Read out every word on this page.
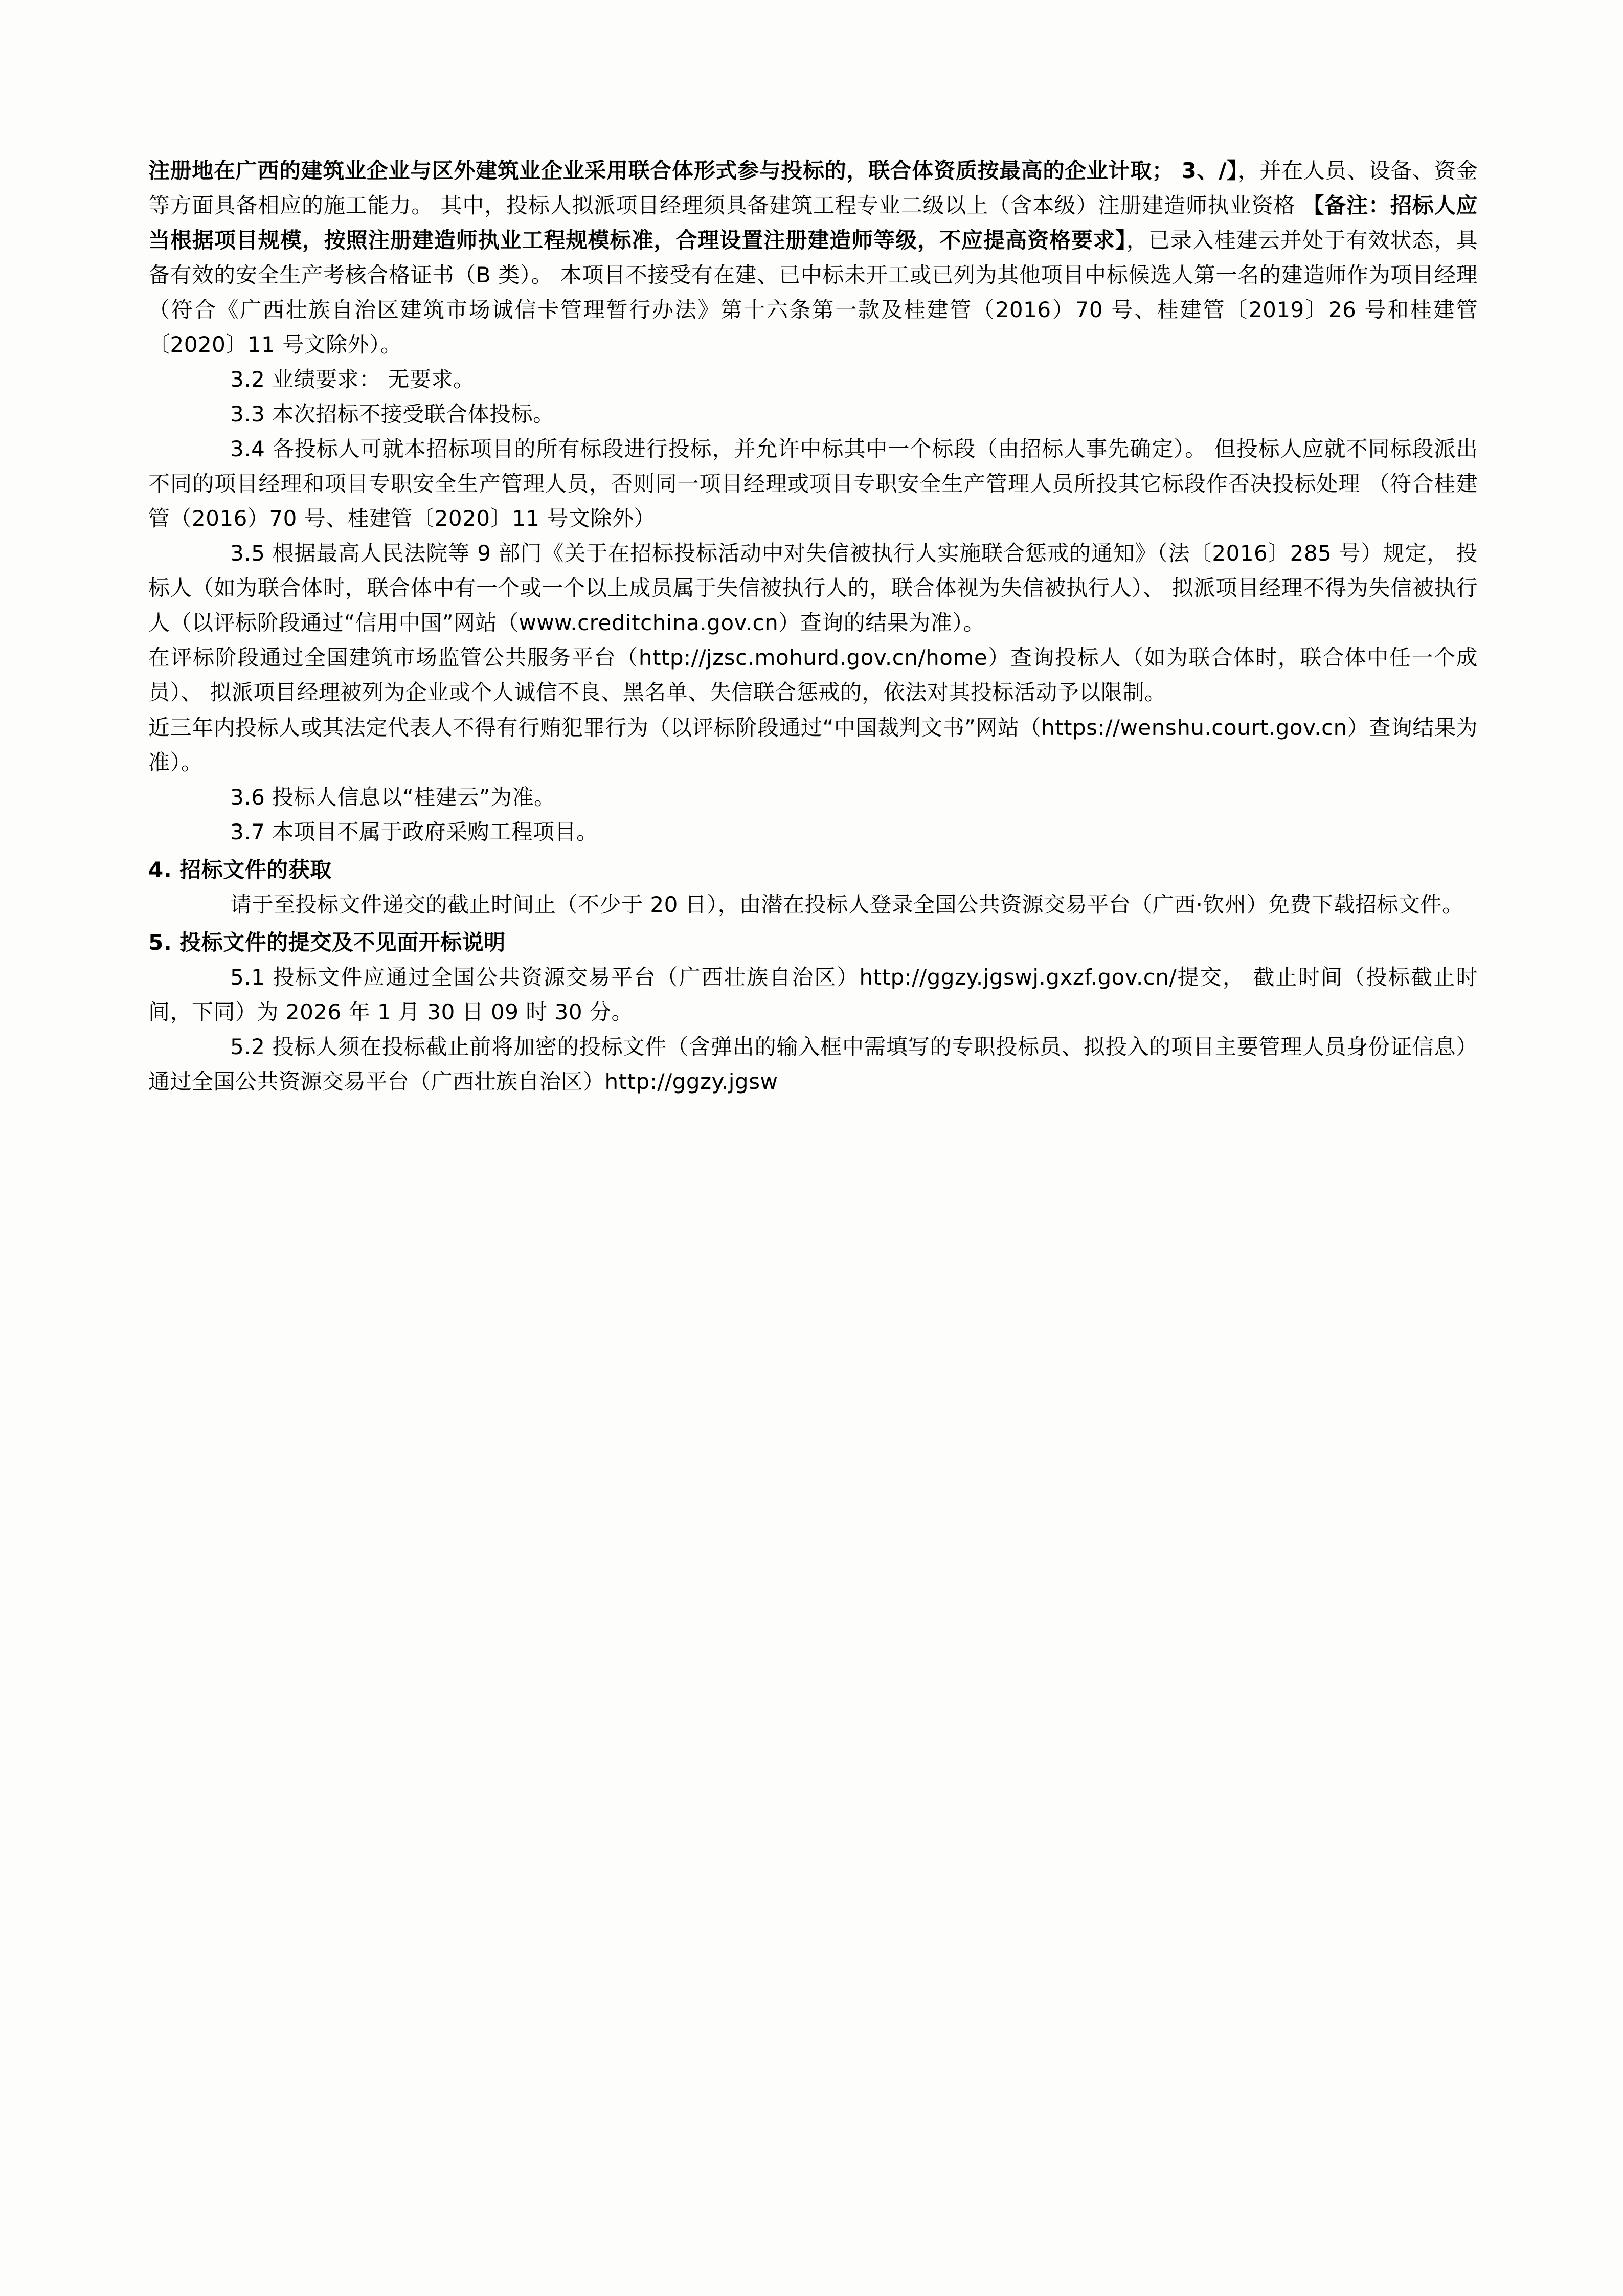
注册地在广西的建筑业企业与区外建筑业企业采用联合体形式参与投标的，联合体资质按最高的企业计取； 3、/】，并在人员、设备、资金等方面具备相应的施工能力。 其中，投标人拟派项目经理须具备建筑工程专业二级以上（含本级）注册建造师执业资格 【备注：招标人应当根据项目规模，按照注册建造师执业工程规模标准，合理设置注册建造师等级，不应提高资格要求】，已录入桂建云并处于有效状态，具备有效的安全生产考核合格证书（B 类）。 本项目不接受有在建、已中标未开工或已列为其他项目中标候选人第一名的建造师作为项目经理（符合《广西壮族自治区建筑市场诚信卡管理暂行办法》第十六条第一款及桂建管（2016）70 号、桂建管〔2019〕26 号和桂建管〔2020〕11 号文除外）。

3.2 业绩要求： 无要求。

3.3 本次招标不接受联合体投标。

3.4 各投标人可就本招标项目的所有标段进行投标，并允许中标其中一个标段（由招标人事先确定）。 但投标人应就不同标段派出不同的项目经理和项目专职安全生产管理人员，否则同一项目经理或项目专职安全生产管理人员所投其它标段作否决投标处理 （符合桂建管（2016）70 号、桂建管〔2020〕11 号文除外）

3.5 根据最高人民法院等 9 部门《关于在招标投标活动中对失信被执行人实施联合惩戒的通知》（法〔2016〕285 号）规定， 投标人（如为联合体时，联合体中有一个或一个以上成员属于失信被执行人的，联合体视为失信被执行人）、 拟派项目经理不得为失信被执行人（以评标阶段通过“信用中国”网站（www.creditchina.gov.cn）查询的结果为准）。

在评标阶段通过全国建筑市场监管公共服务平台（http://jzsc.mohurd.gov.cn/home）查询投标人（如为联合体时，联合体中任一个成员）、 拟派项目经理被列为企业或个人诚信不良、黑名单、失信联合惩戒的，依法对其投标活动予以限制。

近三年内投标人或其法定代表人不得有行贿犯罪行为（以评标阶段通过“中国裁判文书”网站（https://wenshu.court.gov.cn）查询结果为准）。

3.6 投标人信息以“桂建云”为准。

3.7 本项目不属于政府采购工程项目。

4. 招标文件的获取

请于至投标文件递交的截止时间止（不少于 20 日），由潜在投标人登录全国公共资源交易平台（广西·钦州）免费下载招标文件。

5. 投标文件的提交及不见面开标说明

5.1 投标文件应通过全国公共资源交易平台（广西壮族自治区）http://ggzy.jgswj.gxzf.gov.cn/提交， 截止时间（投标截止时间，下同）为 2026 年 1 月 30 日 09 时 30 分。

5.2 投标人须在投标截止前将加密的投标文件（含弹出的输入框中需填写的专职投标员、拟投入的项目主要管理人员身份证信息）通过全国公共资源交易平台（广西壮族自治区）http://ggzy.jgsw
